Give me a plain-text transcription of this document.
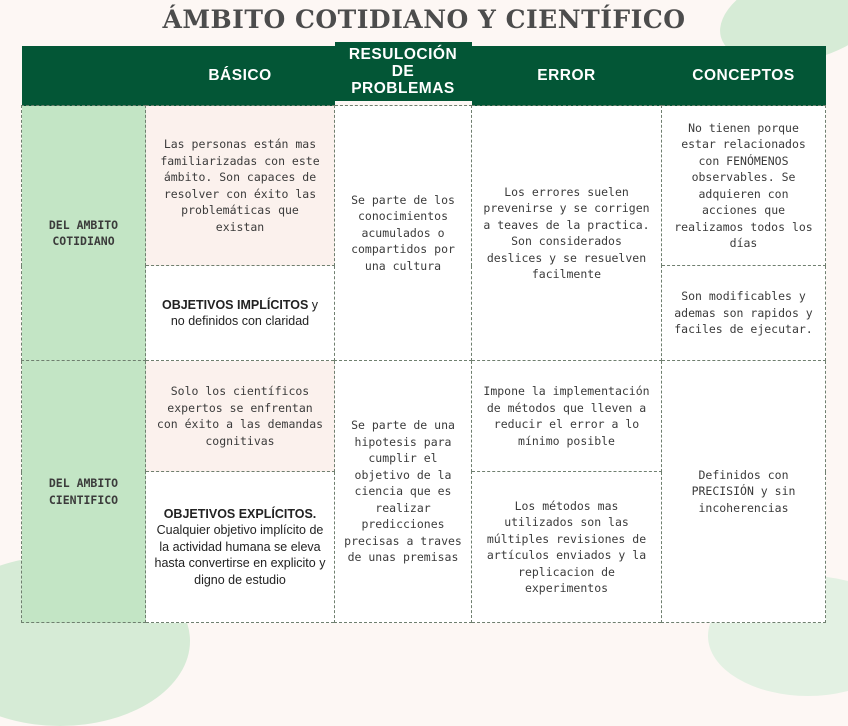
ÁMBITO COTIDIANO Y CIENTÍFICO
	BÁSICO	RESULOCIÓN DE PROBLEMAS	ERROR	CONCEPTOS
DEL AMBITO COTIDIANO	Las personas están mas familiarizadas con este ámbito. Son capaces de resolver con éxito las problemáticas que existan	Se parte de los conocimientos acumulados o compartidos por una cultura	Los errores suelen prevenirse y se corrigen a teaves de la practica. Son considerados deslices y se resuelven facilmente	No tienen porque estar relacionados con FENÓMENOS observables. Se adquieren con acciones que realizamos todos los días
	OBJETIVOS IMPLÍCITOS y no definidos con claridad			Son modificables y ademas son rapidos y faciles de ejecutar.
DEL AMBITO CIENTIFICO	Solo los científicos expertos se enfrentan con éxito a las demandas cognitivas	Se parte de una hipotesis para cumplir el objetivo de la ciencia que es realizar predicciones precisas a traves de unas premisas	Impone la implementación de métodos que lleven a reducir el error a lo mínimo posible	Definidos con PRECISIÓN y sin incoherencias
	OBJETIVOS EXPLÍCITOS. Cualquier objetivo implícito de la actividad humana se eleva hasta convertirse en explicito y digno de estudio		Los métodos mas utilizados son las múltiples revisiones de artículos enviados y la replicacion de experimentos	
